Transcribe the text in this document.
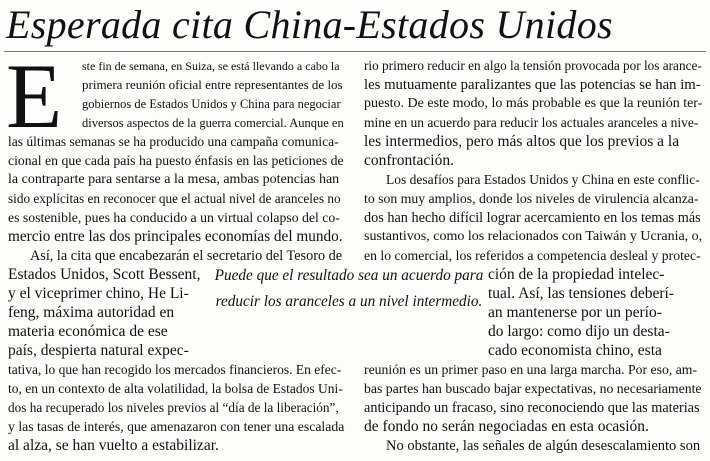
Esperada cita China-Estados Unidos
E ste fin de semana, en Suiza, se está llevando a cabo la
primera reunión oficial entre representantes de los
gobiernos de Estados Unidos y China para negociar
diversos aspectos de la guerra comercial. Aunque en
las últimas semanas se ha producido una campaña comunica-
cional en que cada país ha puesto énfasis en las peticiones de
la contraparte para sentarse a la mesa, ambas potencias han
sido explícitas en reconocer que el actual nivel de aranceles no
es sostenible, pues ha conducido a un virtual colapso del co-
mercio entre las dos principales economías del mundo.
Así, la cita que encabezarán el secretario del Tesoro de
Estados Unidos, Scott Bessent,
y el viceprimer chino, He Li-
feng, máxima autoridad en
materia económica de ese
país, despierta natural expec-
tativa, lo que han recogido los mercados financieros. En efec-
to, en un contexto de alta volatilidad, la bolsa de Estados Uni-
dos ha recuperado los niveles previos al “día de la liberación”,
y las tasas de interés, que amenazaron con tener una escalada
al alza, se han vuelto a estabilizar.
rio primero reducir en algo la tensión provocada por los arance-
les mutuamente paralizantes que las potencias se han im-
puesto. De este modo, lo más probable es que la reunión ter-
mine en un acuerdo para reducir los actuales aranceles a nive-
les intermedios, pero más altos que los previos a la
confrontación.
Los desafíos para Estados Unidos y China en este conflic-
to son muy amplios, donde los niveles de virulencia alcanza-
dos han hecho difícil lograr acercamiento en los temas más
sustantivos, como los relacionados con Taiwán y Ucrania, o,
en lo comercial, los referidos a competencia desleal y protec-
ción de la propiedad intelec-
tual. Así, las tensiones deberí-
an mantenerse por un perío-
do largo: como dijo un desta-
cado economista chino, esta
reunión es un primer paso en una larga marcha. Por eso, am-
bas partes han buscado bajar expectativas, no necesariamente
anticipando un fracaso, sino reconociendo que las materias
de fondo no serán negociadas en esta ocasión.
No obstante, las señales de algún desescalamiento son
Puede que el resultado sea un acuerdo para
reducir los aranceles a un nivel intermedio.
